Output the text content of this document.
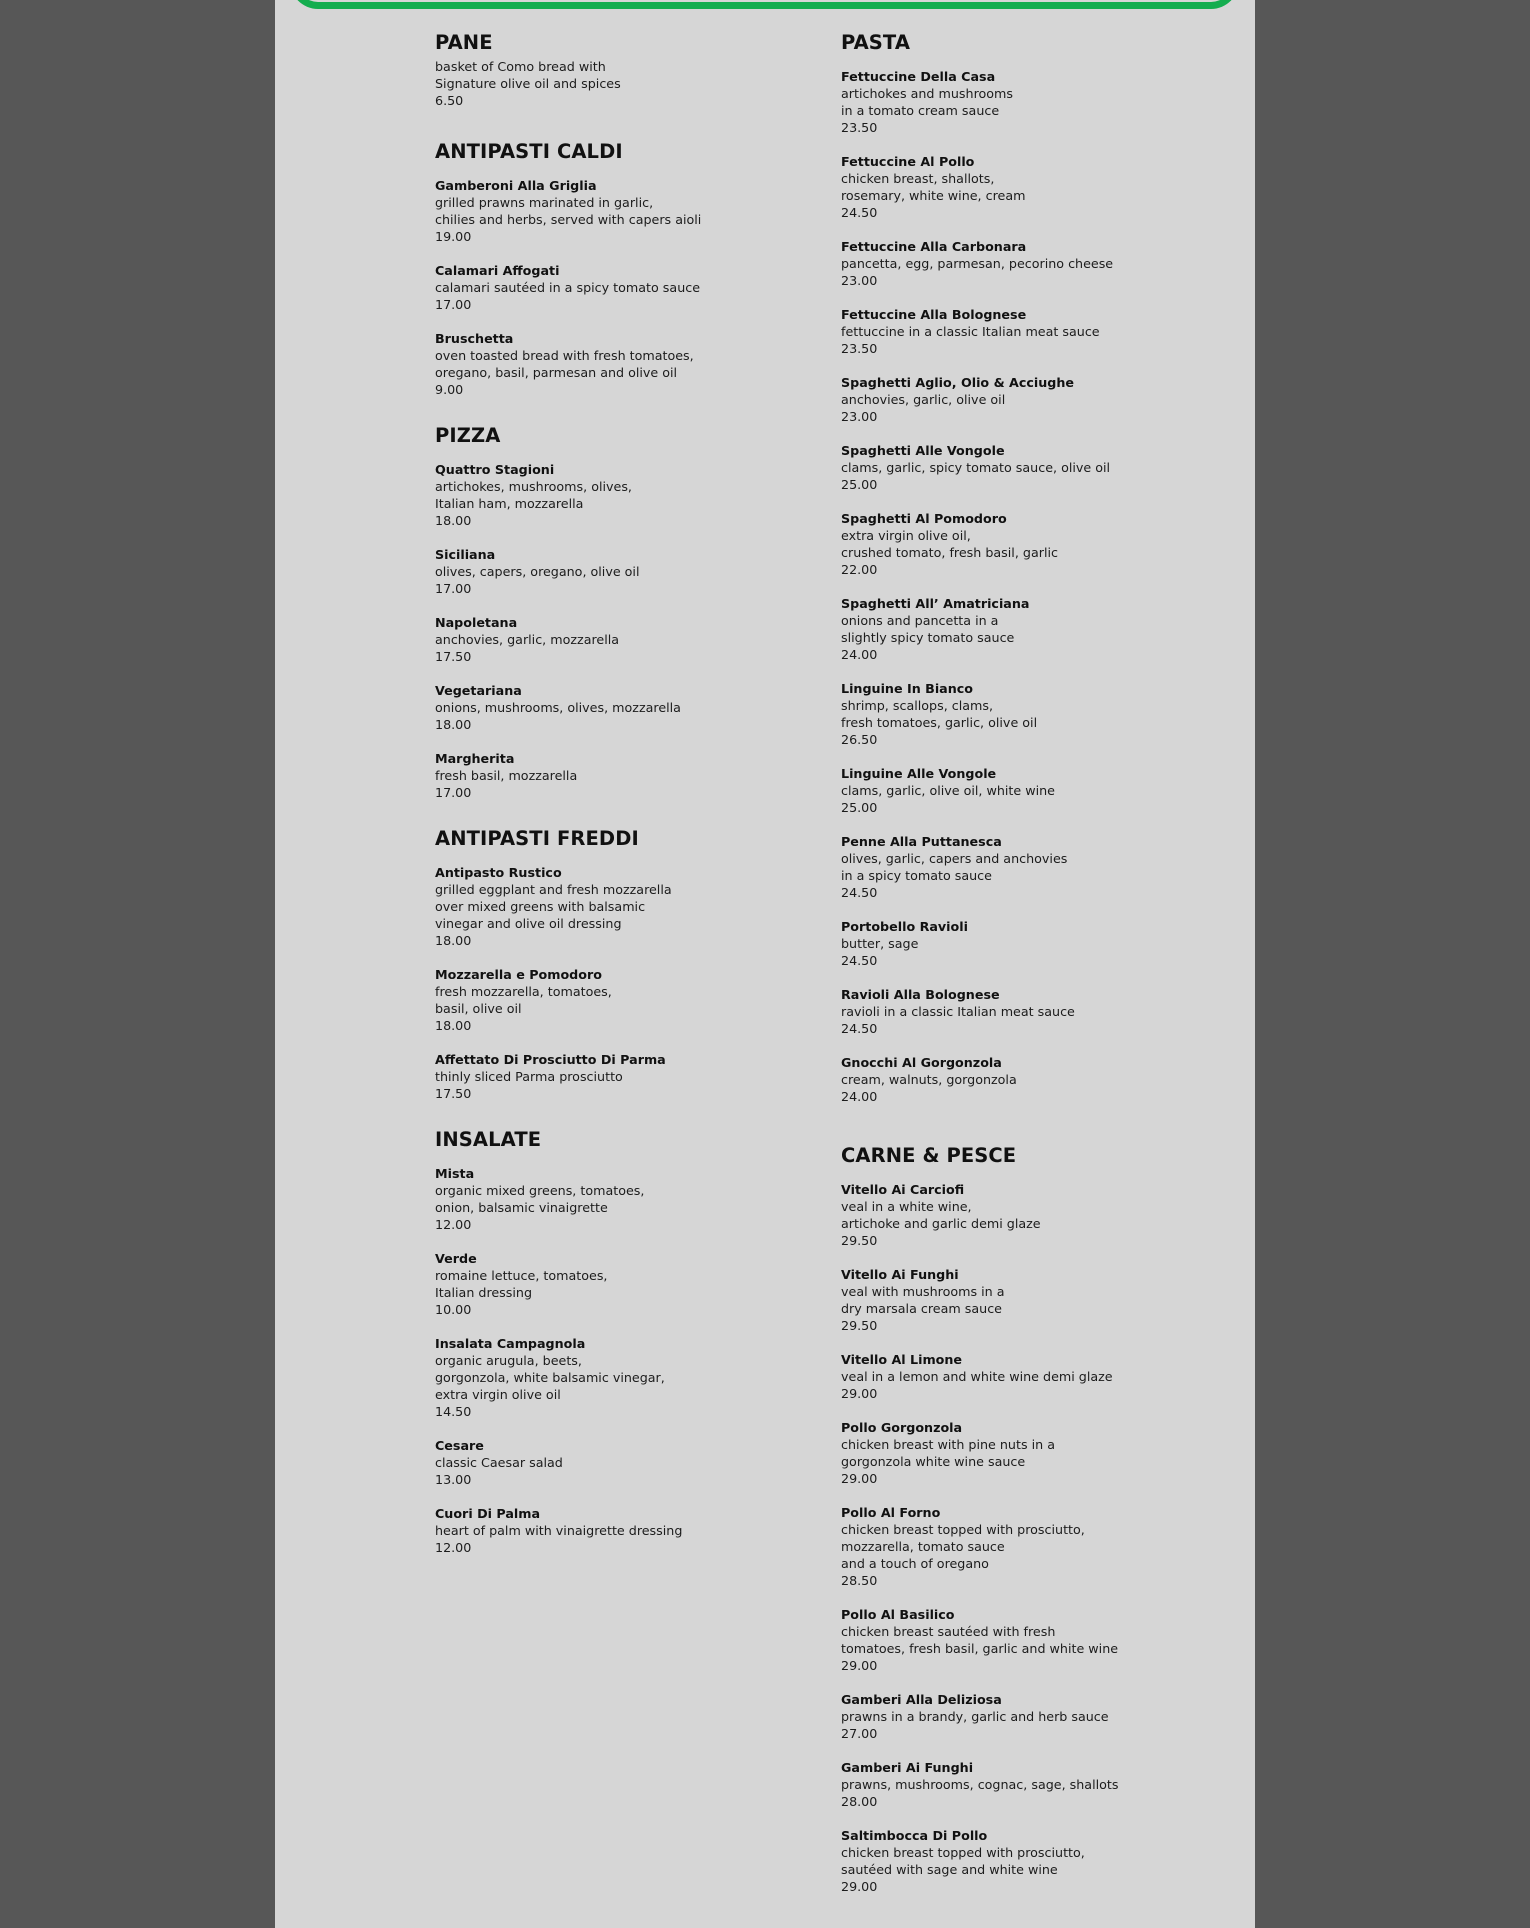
PANE
basket of Como bread with
Signature olive oil and spices
6.50
ANTIPASTI CALDI
Gamberoni Alla Griglia
grilled prawns marinated in garlic,
chilies and herbs, served with capers aioli
19.00
Calamari Affogati
calamari sautéed in a spicy tomato sauce
17.00
Bruschetta
oven toasted bread with fresh tomatoes,
oregano, basil, parmesan and olive oil
9.00
PIZZA
Quattro Stagioni
artichokes, mushrooms, olives,
Italian ham, mozzarella
18.00
Siciliana
olives, capers, oregano, olive oil
17.00
Napoletana
anchovies, garlic, mozzarella
17.50
Vegetariana
onions, mushrooms, olives, mozzarella
18.00
Margherita
fresh basil, mozzarella
17.00
ANTIPASTI FREDDI
Antipasto Rustico
grilled eggplant and fresh mozzarella
over mixed greens with balsamic
vinegar and olive oil dressing
18.00
Mozzarella e Pomodoro
fresh mozzarella, tomatoes,
basil, olive oil
18.00
Affettato Di Prosciutto Di Parma
thinly sliced Parma prosciutto
17.50
INSALATE
Mista
organic mixed greens, tomatoes,
onion, balsamic vinaigrette
12.00
Verde
romaine lettuce, tomatoes,
Italian dressing
10.00
Insalata Campagnola
organic arugula, beets,
gorgonzola, white balsamic vinegar,
extra virgin olive oil
14.50
Cesare
classic Caesar salad
13.00
Cuori Di Palma
heart of palm with vinaigrette dressing
12.00
PASTA
Fettuccine Della Casa
artichokes and mushrooms
in a tomato cream sauce
23.50
Fettuccine Al Pollo
chicken breast, shallots,
rosemary, white wine, cream
24.50
Fettuccine Alla Carbonara
pancetta, egg, parmesan, pecorino cheese
23.00
Fettuccine Alla Bolognese
fettuccine in a classic Italian meat sauce
23.50
Spaghetti Aglio, Olio & Acciughe
anchovies, garlic, olive oil
23.00
Spaghetti Alle Vongole
clams, garlic, spicy tomato sauce, olive oil
25.00
Spaghetti Al Pomodoro
extra virgin olive oil,
crushed tomato, fresh basil, garlic
22.00
Spaghetti All’ Amatriciana
onions and pancetta in a
slightly spicy tomato sauce
24.00
Linguine In Bianco
shrimp, scallops, clams,
fresh tomatoes, garlic, olive oil
26.50
Linguine Alle Vongole
clams, garlic, olive oil, white wine
25.00
Penne Alla Puttanesca
olives, garlic, capers and anchovies
in a spicy tomato sauce
24.50
Portobello Ravioli
butter, sage
24.50
Ravioli Alla Bolognese
ravioli in a classic Italian meat sauce
24.50
Gnocchi Al Gorgonzola
cream, walnuts, gorgonzola
24.00
CARNE & PESCE
Vitello Ai Carciofi
veal in a white wine,
artichoke and garlic demi glaze
29.50
Vitello Ai Funghi
veal with mushrooms in a
dry marsala cream sauce
29.50
Vitello Al Limone
veal in a lemon and white wine demi glaze
29.00
Pollo Gorgonzola
chicken breast with pine nuts in a
gorgonzola white wine sauce
29.00
Pollo Al Forno
chicken breast topped with prosciutto,
mozzarella, tomato sauce
and a touch of oregano
28.50
Pollo Al Basilico
chicken breast sautéed with fresh
tomatoes, fresh basil, garlic and white wine
29.00
Gamberi Alla Deliziosa
prawns in a brandy, garlic and herb sauce
27.00
Gamberi Ai Funghi
prawns, mushrooms, cognac, sage, shallots
28.00
Saltimbocca Di Pollo
chicken breast topped with prosciutto,
sautéed with sage and white wine
29.00
